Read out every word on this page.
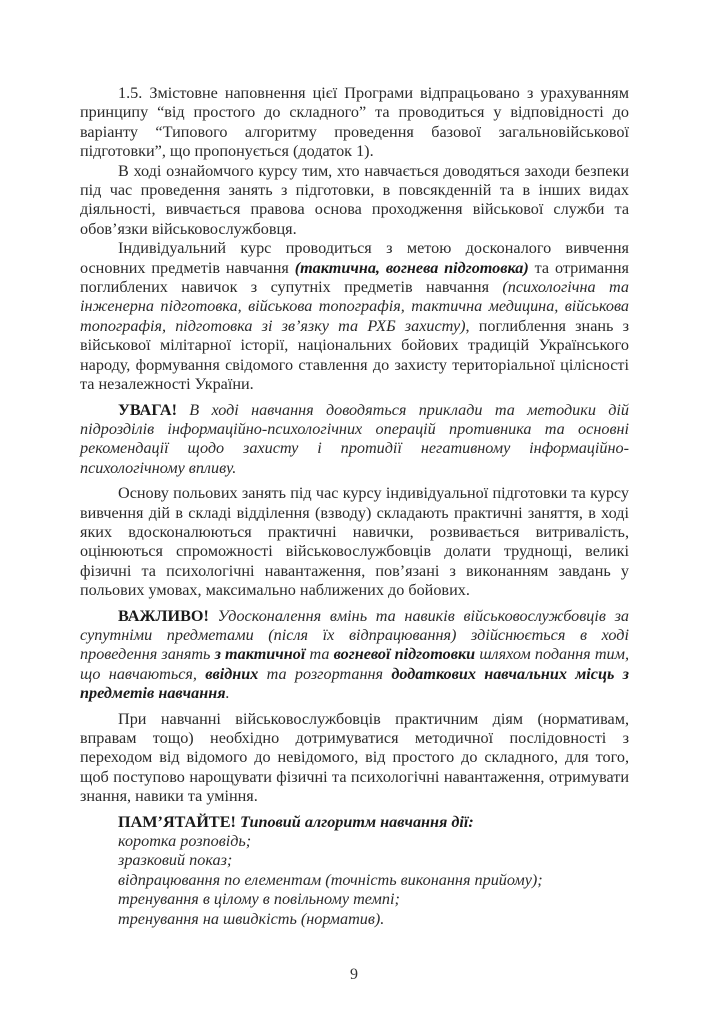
1.5. Змістовне наповнення цієї Програми відпрацьовано з урахуванням принципу “від простого до складного” та проводиться у відповідності до варіанту “Типового алгоритму проведення базової загальновійськової підготовки”, що пропонується (додаток 1).

В ході ознайомчого курсу тим, хто навчається доводяться заходи безпеки під час проведення занять з підготовки, в повсякденній та в інших видах діяльності, вивчається правова основа проходження військової служби та обов’язки військовослужбовця.

Індивідуальний курс проводиться з метою досконалого вивчення основних предметів навчання (тактична, вогнева підготовка) та отримання поглиблених навичок з супутніх предметів навчання (психологічна та інженерна підготовка, військова топографія, тактична медицина, військова топографія, підготовка зі зв’язку та РХБ захисту), поглиблення знань з військової мілітарної історії, національних бойових традицій Українського народу, формування свідомого ставлення до захисту територіальної цілісності та незалежності України.

УВАГА! В ході навчання доводяться приклади та методики дій підрозділів інформаційно-психологічних операцій противника та основні рекомендації щодо захисту і протидії негативному інформаційно-психологічному впливу.

Основу польових занять під час курсу індивідуальної підготовки та курсу вивчення дій в складі відділення (взводу) складають практичні заняття, в ході яких вдосконалюються практичні навички, розвивається витривалість, оцінюються спроможності військовослужбовців долати труднощі, великі фізичні та психологічні навантаження, пов’язані з виконанням завдань у польових умовах, максимально наближених до бойових.

ВАЖЛИВО! Удосконалення вмінь та навиків військовослужбовців за супутніми предметами (після їх відпрацювання) здійснюється в ході проведення занять з тактичної та вогневої підготовки шляхом подання тим, що навчаються, ввідних та розгортання додаткових навчальних місць з предметів навчання.

При навчанні військовослужбовців практичним діям (нормативам, вправам тощо) необхідно дотримуватися методичної послідовності з переходом від відомого до невідомого, від простого до складного, для того, щоб поступово нарощувати фізичні та психологічні навантаження, отримувати знання, навики та уміння.

ПАМ’ЯТАЙТЕ! Типовий алгоритм навчання дії:

коротка розповідь;
зразковий показ;
відпрацювання по елементам (точність виконання прийому);
тренування в цілому в повільному темпі;
тренування на швидкість (норматив).
9
